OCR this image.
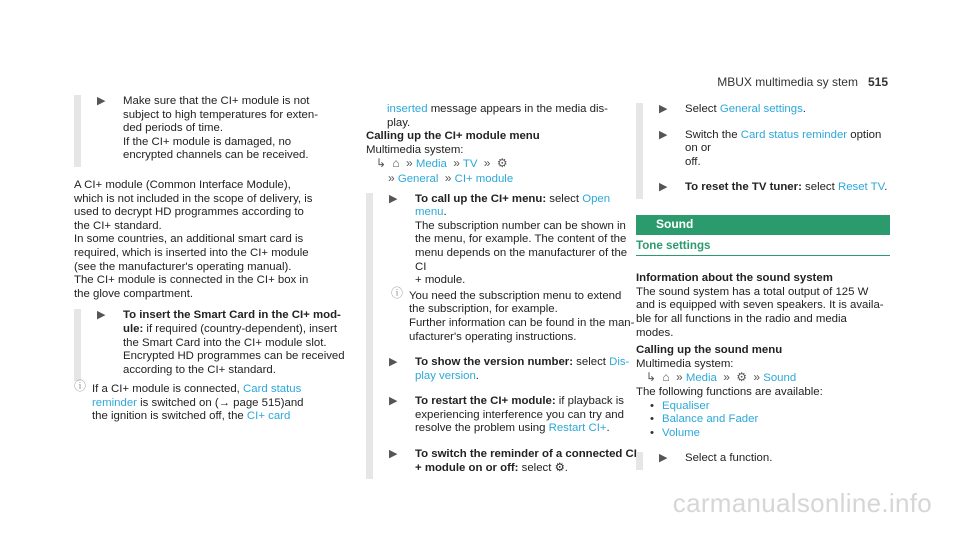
MBUX multimedia sy stem 515
▶ Make sure that the CI+ module is not

subject to high temperatures for exten-

ded periods of time.

If the CI+ module is damaged, no

encrypted channels can be received.

A CI+ module (Common Interface Module),

which is not included in the scope of delivery, is

used to decrypt HD programmes according to

the CI+ standard.

In some countries, an additional smart card is

required, which is inserted into the CI+ module

(see the manufacturer's operating manual).

The CI+ module is connected in the CI+ box in

the glove compartment.

▶ To insert the Smart Card in the CI+ mod-

ule: if required (country-dependent), insert

the Smart Card into the CI+ module slot.

Encrypted HD programmes can be received

according to the CI+ standard.

ⓘ If a CI+ module is connected, Card status

reminder is switched on (→ page 515)and

the ignition is switched off, the CI+ card

inserted message appears in the media dis-

play.

Calling up the CI+ module menu

Multimedia system:

↳ ⌂ » Media » TV » ⚙

» General » CI+ module

▶ To call up the CI+ menu: select Open menu.

The subscription number can be shown in

the menu, for example. The content of the

menu depends on the manufacturer of the CI

+ module.

ⓘ You need the subscription menu to extend

the subscription, for example.

Further information can be found in the man-

ufacturer's operating instructions.

▶ To show the version number: select Dis-

play version.

▶ To restart the CI+ module: if playback is

experiencing interference you can try and

resolve the problem using Restart CI+.

▶ To switch the reminder of a connected CI

+ module on or off: select ⚙.

▶ Select General settings.

▶ Switch the Card status reminder option on or

off.

▶ To reset the TV tuner: select Reset TV.

Sound
Tone settings

Information about the sound system

The sound system has a total output of 125 W

and is equipped with seven speakers. It is availa-

ble for all functions in the radio and media

modes.

Calling up the sound menu

Multimedia system:

↳ ⌂ » Media » ⚙ » Sound

The following functions are available:

• Equaliser
• Balance and Fader
• Volume
▶ Select a function.

carmanualsonline.info
